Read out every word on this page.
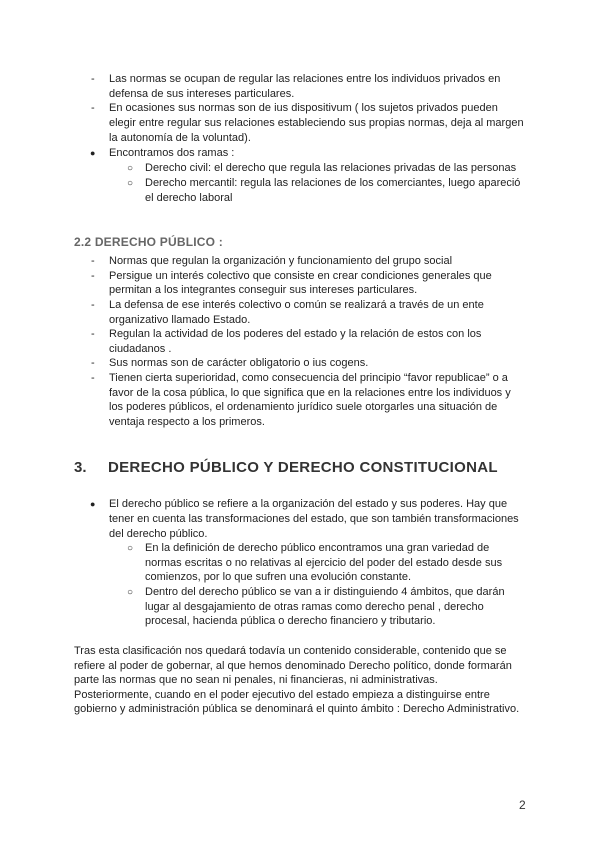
- Las normas se ocupan de regular las relaciones entre los individuos privados en
defensa de sus intereses particulares.
- En ocasiones sus normas son de ius dispositivum ( los sujetos privados pueden
elegir entre regular sus relaciones estableciendo sus propias normas, deja al margen
la autonomía de la voluntad).
● Encontramos dos ramas :
○ Derecho civil: el derecho que regula las relaciones privadas de las personas
○ Derecho mercantil: regula las relaciones de los comerciantes, luego apareció
el derecho laboral
2.2 DERECHO PÚBLICO :
- Normas que regulan la organización y funcionamiento del grupo social
- Persigue un interés colectivo que consiste en crear condiciones generales que
permitan a los integrantes conseguir sus intereses particulares.
- La defensa de ese interés colectivo o común se realizará a través de un ente
organizativo llamado Estado.
- Regulan la actividad de los poderes del estado y la relación de estos con los
ciudadanos .
- Sus normas son de carácter obligatorio o ius cogens.
- Tienen cierta superioridad, como consecuencia del principio “favor republicae” o a
favor de la cosa pública, lo que significa que en la relaciones entre los individuos y
los poderes públicos, el ordenamiento jurídico suele otorgarles una situación de
ventaja respecto a los primeros.
3. DERECHO PÚBLICO Y DERECHO CONSTITUCIONAL
● El derecho público se refiere a la organización del estado y sus poderes. Hay que
tener en cuenta las transformaciones del estado, que son también transformaciones
del derecho público.
○ En la definición de derecho público encontramos una gran variedad de
normas escritas o no relativas al ejercicio del poder del estado desde sus
comienzos, por lo que sufren una evolución constante.
○ Dentro del derecho público se van a ir distinguiendo 4 ámbitos, que darán
lugar al desgajamiento de otras ramas como derecho penal , derecho
procesal, hacienda pública o derecho financiero y tributario.
Tras esta clasificación nos quedará todavía un contenido considerable, contenido que se
refiere al poder de gobernar, al que hemos denominado Derecho político, donde formarán
parte las normas que no sean ni penales, ni financieras, ni administrativas.
Posteriormente, cuando en el poder ejecutivo del estado empieza a distinguirse entre
gobierno y administración pública se denominará el quinto ámbito : Derecho Administrativo.
2
